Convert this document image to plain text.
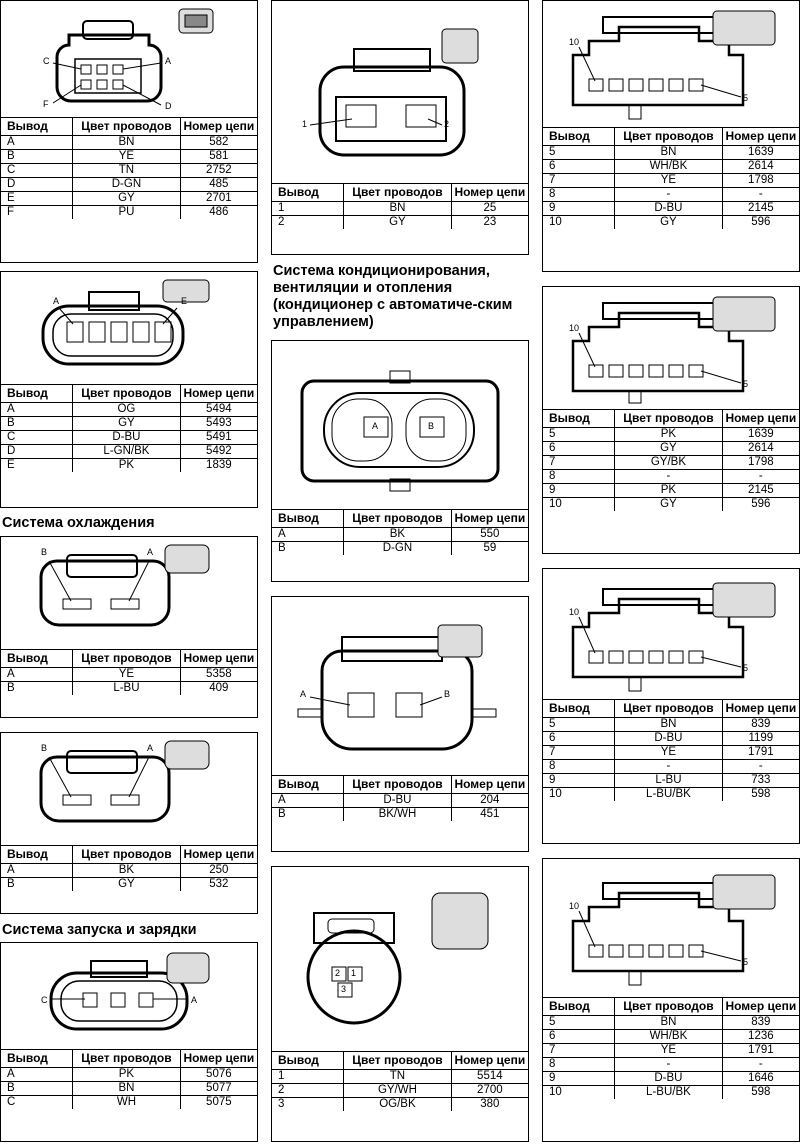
C	A
F	D
Вывод	Цвет проводов	Номер цепи
A	BN	582
B	YE	581
C	TN	2752
D	D-GN	485
E	GY	2701
F	PU	486
A	E
Вывод	Цвет проводов	Номер цепи
A	OG	5494
B	GY	5493
C	D-BU	5491
D	L-GN/BK	5492
E	PK	1839
Система охлаждения
B	A
Вывод	Цвет проводов	Номер цепи
A	YE	5358
B	L-BU	409
B	A
Вывод	Цвет проводов	Номер цепи
A	BK	250
B	GY	532
Система запуска и зарядки
C	A
Вывод	Цвет проводов	Номер цепи
A	PK	5076
B	BN	5077
C	WH	5075
1	2
Вывод	Цвет проводов	Номер цепи
1	BN	25
2	GY	23
Система кондиционирования, вентиляции и отопления (кондиционер с автоматиче-ским управлением)
A	B
Вывод	Цвет проводов	Номер цепи
A	BK	550
B	D-GN	59
A	B
Вывод	Цвет проводов	Номер цепи
A	D-BU	204
B	BK/WH	451
2 1
3
Вывод	Цвет проводов	Номер цепи
1	TN	5514
2	GY/WH	2700
3	OG/BK	380
10
5
Вывод	Цвет проводов	Номер цепи
5	BN	1639
6	WH/BK	2614
7	YE	1798
8	-	-
9	D-BU	2145
10	GY	596
10
5
Вывод	Цвет проводов	Номер цепи
5	PK	1639
6	GY	2614
7	GY/BK	1798
8	-	-
9	PK	2145
10	GY	596
10
5
Вывод	Цвет проводов	Номер цепи
5	BN	839
6	D-BU	1199
7	YE	1791
8	-	-
9	L-BU	733
10	L-BU/BK	598
10
5
Вывод	Цвет проводов	Номер цепи
5	BN	839
6	WH/BK	1236
7	YE	1791
8	-	-
9	D-BU	1646
10	L-BU/BK	598
